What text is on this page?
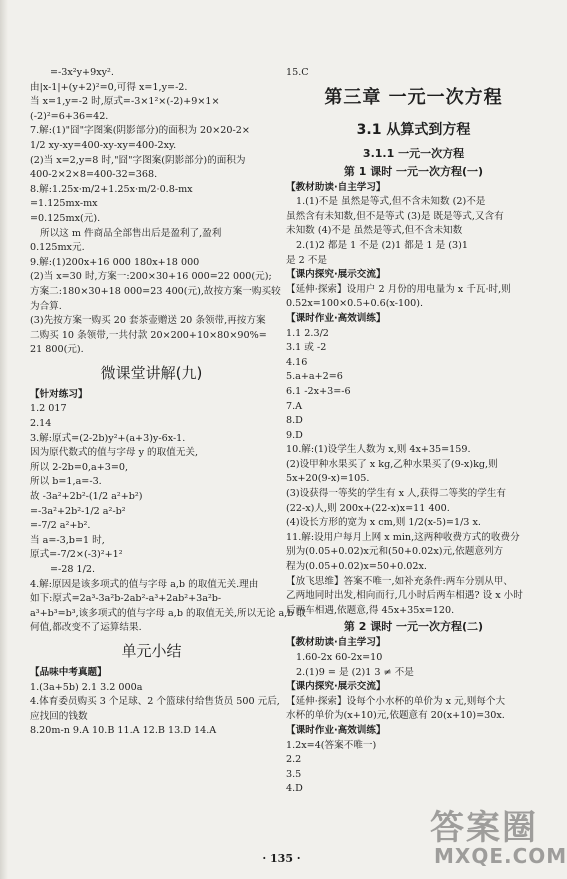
=-3x²y+9xy².
由|x-1|+(y+2)²=0,可得 x=1,y=-2.
当 x=1,y=-2 时,原式=-3×1²×(-2)+9×1×
(-2)²=6+36=42.
7.解:(1)"囧"字图案(阴影部分)的面积为 20×20-2×
1/2 xy-xy=400-xy-xy=400-2xy.
(2)当 x=2,y=8 时,"囧"字图案(阴影部分)的面积为
400-2×2×8=400-32=368.
8.解:1.25x·m/2+1.25x·m/2·0.8-mx
=1.125mx-mx
=0.125mx(元).
所以这 m 件商品全部售出后是盈利了,盈利
0.125mx元.
9.解:(1)200x+16 000 180x+18 000
(2)当 x=30 时,方案一:200×30+16 000=22 000(元);
方案二:180×30+18 000=23 400(元),故按方案一购买较
为合算.
(3)先按方案一购买 20 套茶壶赠送 20 条领带,再按方案
二购买 10 条领带,一共付款 20×200+10×80×90%=
21 800(元).
微课堂讲解(九)
【针对练习】
1.2 017
2.14
3.解:原式=(2-2b)y²+(a+3)y-6x-1.
因为原代数式的值与字母 y 的取值无关,
所以 2-2b=0,a+3=0,
所以 b=1,a=-3.
故 -3a²+2b²-(1/2 a²+b²)
=-3a²+2b²-1/2 a²-b²
=-7/2 a²+b².
当 a=-3,b=1 时,
原式=-7/2×(-3)²+1²
=-28 1/2.
4.解:原因是该多项式的值与字母 a,b 的取值无关.理由
如下:原式=2a³-3a²b-2ab²-a³+2ab²+3a²b-
a³+b³=b³,该多项式的值与字母 a,b 的取值无关,所以无论 a,b 取
何值,都改变不了运算结果.
单元小结
【品味中考真题】
1.(3a+5b) 2.1 3.2 000a
4.体育委员购买 3 个足球、2 个篮球付给售货员 500 元后,
应找回的钱数
8.20m-n 9.A 10.B 11.A 12.B 13.D 14.A
15.C
第三章 一元一次方程
3.1 从算式到方程
3.1.1 一元一次方程
第 1 课时 一元一次方程(一)
【教材助读·自主学习】
1.(1)不是 虽然是等式,但不含未知数 (2)不是
虽然含有未知数,但不是等式 (3)是 既是等式,又含有
未知数 (4)不是 虽然是等式,但不含未知数
2.(1)2 都是 1 不是 (2)1 都是 1 是 (3)1
是 2 不是
【课内探究·展示交流】
【延伸·探索】设用户 2 月份的用电量为 x 千瓦·时,则
0.52x=100×0.5+0.6(x-100).
【课时作业·高效训练】
1.1 2.3/2
3.1 或 -2
4.16
5.a+a+2=6
6.1 -2x+3=-6
7.A
8.D
9.D
10.解:(1)设学生人数为 x,则 4x+35=159.
(2)设甲种水果买了 x kg,乙种水果买了(9-x)kg,则
5x+20(9-x)=105.
(3)设获得一等奖的学生有 x 人,获得二等奖的学生有
(22-x)人,则 200x+(22-x)x=11 400.
(4)设长方形的宽为 x cm,则 1/2(x-5)=1/3 x.
11.解:设用户每月上网 x min,这两种收费方式的收费分
别为(0.05+0.02)x元和(50+0.02x)元,依题意列方
程为(0.05+0.02)x=50+0.02x.
【放飞思维】答案不唯一,如补充条件:两车分别从甲、
乙两地同时出发,相向而行,几小时后两车相遇? 设 x 小时
后两车相遇,依题意,得 45x+35x=120.
第 2 课时 一元一次方程(二)
【教材助读·自主学习】
1.60-2x 60-2x=10
2.(1)9 = 是 (2)1 3 ≠ 不是
【课内探究·展示交流】
【延伸·探索】设每个小水杯的单价为 x 元,则每个大
水杯的单价为(x+10)元,依题意有 20(x+10)=30x.
【课时作业·高效训练】
1.2x=4(答案不唯一)
2.2
3.5
4.D
· 135 ·
答案圈
MXQE.COM
